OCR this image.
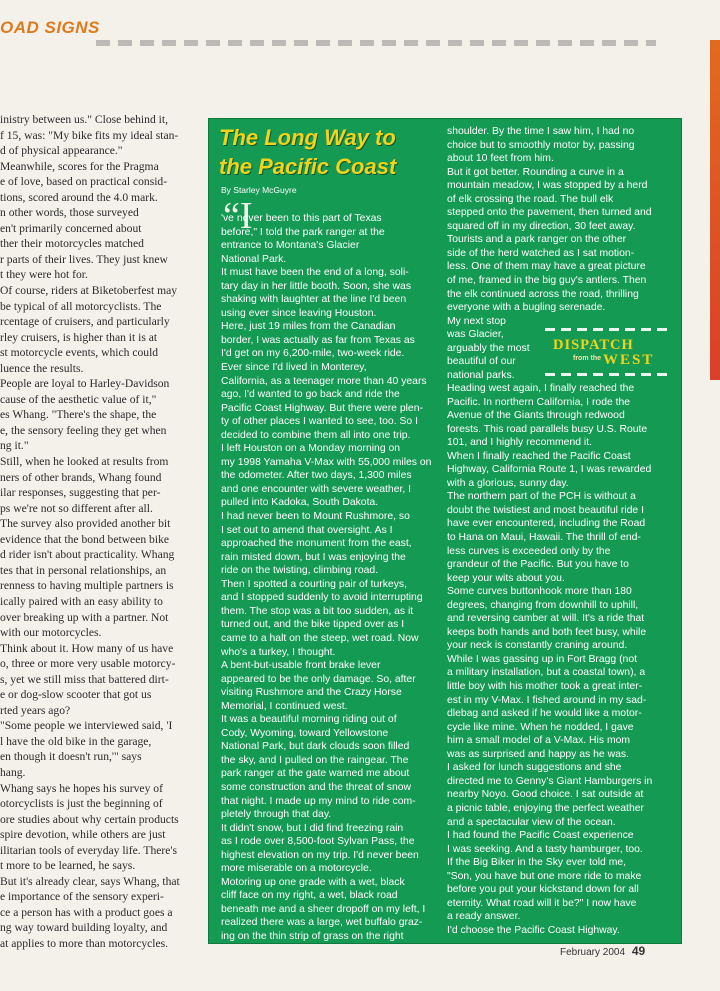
OAD SIGNS

inistry between us." Close behind it,

f 15, was: "My bike fits my ideal stan-

d of physical appearance."

Meanwhile, scores for the Pragma

e of love, based on practical consid-

tions, scored around the 4.0 mark.

n other words, those surveyed

en't primarily concerned about

ther their motorcycles matched

r parts of their lives. They just knew

t they were hot for.

Of course, riders at Biketoberfest may

be typical of all motorcyclists. The

rcentage of cruisers, and particularly

rley cruisers, is higher than it is at

st motorcycle events, which could

luence the results.

People are loyal to Harley-Davidson

cause of the aesthetic value of it,"

es Whang. "There's the shape, the

e, the sensory feeling they get when

ng it."

Still, when he looked at results from

ners of other brands, Whang found

ilar responses, suggesting that per-

ps we're not so different after all.

The survey also provided another bit

evidence that the bond between bike

d rider isn't about practicality. Whang

tes that in personal relationships, an

renness to having multiple partners is

ically paired with an easy ability to

over breaking up with a partner. Not

with our motorcycles.

Think about it. How many of us have

o, three or more very usable motorcy-

s, yet we still miss that battered dirt-

e or dog-slow scooter that got us

rted years ago?

"Some people we interviewed said, 'I

l have the old bike in the garage,

en though it doesn't run,'" says

hang.

Whang says he hopes his survey of

otorcyclists is just the beginning of

ore studies about why certain products

spire devotion, while others are just

ilitarian tools of everyday life. There's

t more to be learned, he says.

But it's already clear, says Whang, that

e importance of the sensory experi-

ce a person has with a product goes a

ng way toward building loyalty, and

at applies to more than motorcycles.

The Long Way to
the Pacific Coast
By Starley McGuyre
“I

've never been to this part of Texas

before," I told the park ranger at the

entrance to Montana's Glacier

National Park.

It must have been the end of a long, soli-

tary day in her little booth. Soon, she was

shaking with laughter at the line I'd been

using ever since leaving Houston.

Here, just 19 miles from the Canadian

border, I was actually as far from Texas as

I'd get on my 6,200-mile, two-week ride.

Ever since I'd lived in Monterey,

California, as a teenager more than 40 years

ago, I'd wanted to go back and ride the

Pacific Coast Highway. But there were plen-

ty of other places I wanted to see, too. So I

decided to combine them all into one trip.

I left Houston on a Monday morning on

my 1998 Yamaha V-Max with 55,000 miles on

the odometer. After two days, 1,300 miles

and one encounter with severe weather, I

pulled into Kadoka, South Dakota.

I had never been to Mount Rushmore, so

I set out to amend that oversight. As I

approached the monument from the east,

rain misted down, but I was enjoying the

ride on the twisting, climbing road.

Then I spotted a courting pair of turkeys,

and I stopped suddenly to avoid interrupting

them. The stop was a bit too sudden, as it

turned out, and the bike tipped over as I

came to a halt on the steep, wet road. Now

who's a turkey, I thought.

A bent-but-usable front brake lever

appeared to be the only damage. So, after

visiting Rushmore and the Crazy Horse

Memorial, I continued west.

It was a beautiful morning riding out of

Cody, Wyoming, toward Yellowstone

National Park, but dark clouds soon filled

the sky, and I pulled on the raingear. The

park ranger at the gate warned me about

some construction and the threat of snow

that night. I made up my mind to ride com-

pletely through that day.

It didn't snow, but I did find freezing rain

as I rode over 8,500-foot Sylvan Pass, the

highest elevation on my trip. I'd never been

more miserable on a motorcycle.

Motoring up one grade with a wet, black

cliff face on my right, a wet, black road

beneath me and a sheer dropoff on my left, I

realized there was a large, wet buffalo graz-

ing on the thin strip of grass on the right

shoulder. By the time I saw him, I had no

choice but to smoothly motor by, passing

about 10 feet from him.

But it got better. Rounding a curve in a

mountain meadow, I was stopped by a herd

of elk crossing the road. The bull elk

stepped onto the pavement, then turned and

squared off in my direction, 30 feet away.

Tourists and a park ranger on the other

side of the herd watched as I sat motion-

less. One of them may have a great picture

of me, framed in the big guy's antlers. Then

the elk continued across the road, thrilling

everyone with a bugling serenade.

My next stop

was Glacier,

arguably the most

beautiful of our

national parks.

DISPATCH
from the WEST

Heading west again, I finally reached the

Pacific. In northern California, I rode the

Avenue of the Giants through redwood

forests. This road parallels busy U.S. Route

101, and I highly recommend it.

When I finally reached the Pacific Coast

Highway, California Route 1, I was rewarded

with a glorious, sunny day.

The northern part of the PCH is without a

doubt the twistiest and most beautiful ride I

have ever encountered, including the Road

to Hana on Maui, Hawaii. The thrill of end-

less curves is exceeded only by the

grandeur of the Pacific. But you have to

keep your wits about you.

Some curves buttonhook more than 180

degrees, changing from downhill to uphill,

and reversing camber at will. It's a ride that

keeps both hands and both feet busy, while

your neck is constantly craning around.

While I was gassing up in Fort Bragg (not

a military installation, but a coastal town), a

little boy with his mother took a great inter-

est in my V-Max. I fished around in my sad-

dlebag and asked if he would like a motor-

cycle like mine. When he nodded, I gave

him a small model of a V-Max. His mom

was as surprised and happy as he was.

I asked for lunch suggestions and she

directed me to Genny's Giant Hamburgers in

nearby Noyo. Good choice. I sat outside at

a picnic table, enjoying the perfect weather

and a spectacular view of the ocean.

I had found the Pacific Coast experience

I was seeking. And a tasty hamburger, too.

If the Big Biker in the Sky ever told me,

"Son, you have but one more ride to make

before you put your kickstand down for all

eternity. What road will it be?" I now have

a ready answer.

I'd choose the Pacific Coast Highway.

February 2004 49
